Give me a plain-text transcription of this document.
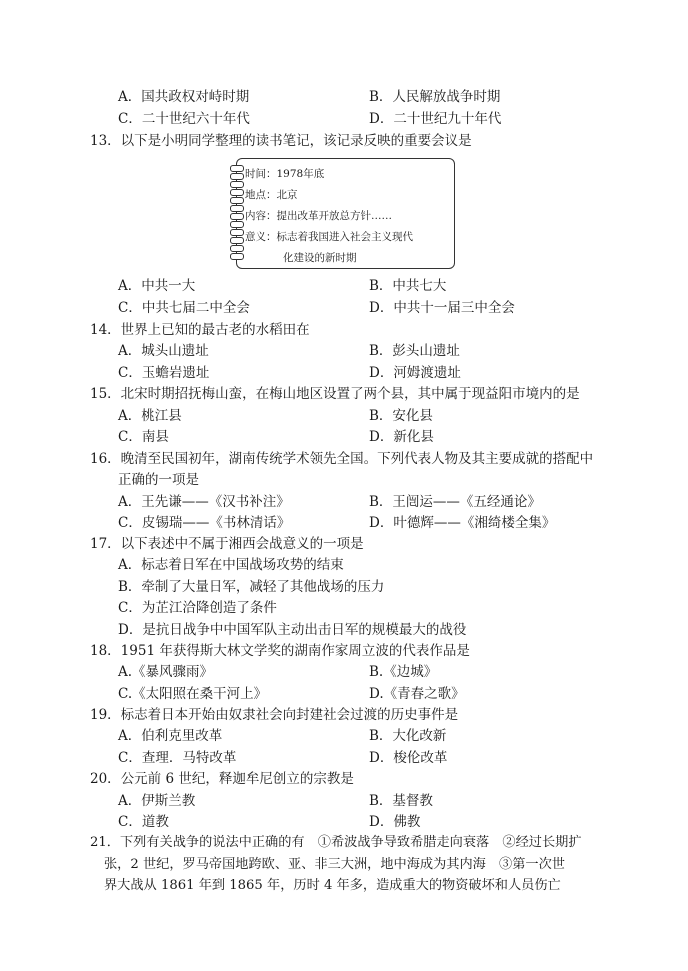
A．国共政权对峙时期	B．人民解放战争时期
C．二十世纪六十年代	D．二十世纪九十年代
13．以下是小明同学整理的读书笔记，该记录反映的重要会议是
时间：1978年底
地点：北京
内容：提出改革开放总方针……
意义：标志着我国进入社会主义现代
化建设的新时期
A．中共一大	B．中共七大
C．中共七届二中全会	D．中共十一届三中全会
14．世界上已知的最古老的水稻田在
A．城头山遗址	B．彭头山遗址
C．玉蟾岩遗址	D．河姆渡遗址
15．北宋时期招抚梅山蛮，在梅山地区设置了两个县，其中属于现益阳市境内的是
A．桃江县	B．安化县
C．南县	D．新化县
16．晚清至民国初年，湖南传统学术领先全国。下列代表人物及其主要成就的搭配中
正确的一项是
A．王先谦——《汉书补注》	B．王闿运——《五经通论》
C．皮锡瑞——《书林清话》	D．叶德辉——《湘绮楼全集》
17．以下表述中不属于湘西会战意义的一项是
A．标志着日军在中国战场攻势的结束
B．牵制了大量日军，减轻了其他战场的压力
C．为芷江洽降创造了条件
D．是抗日战争中中国军队主动出击日军的规模最大的战役
18．1951 年获得斯大林文学奖的湖南作家周立波的代表作品是
A.《暴风骤雨》	B.《边城》
C.《太阳照在桑干河上》	D.《青春之歌》
19．标志着日本开始由奴隶社会向封建社会过渡的历史事件是
A．伯利克里改革	B．大化改新
C．查理．马特改革	D．梭伦改革
20．公元前 6 世纪，释迦牟尼创立的宗教是
A．伊斯兰教	B．基督教
C．道教	D．佛教
21．下列有关战争的说法中正确的有　①希波战争导致希腊走向衰落　②经过长期扩
张，2 世纪，罗马帝国地跨欧、亚、非三大洲，地中海成为其内海　③第一次世
界大战从 1861 年到 1865 年，历时 4 年多，造成重大的物资破坏和人员伤亡
